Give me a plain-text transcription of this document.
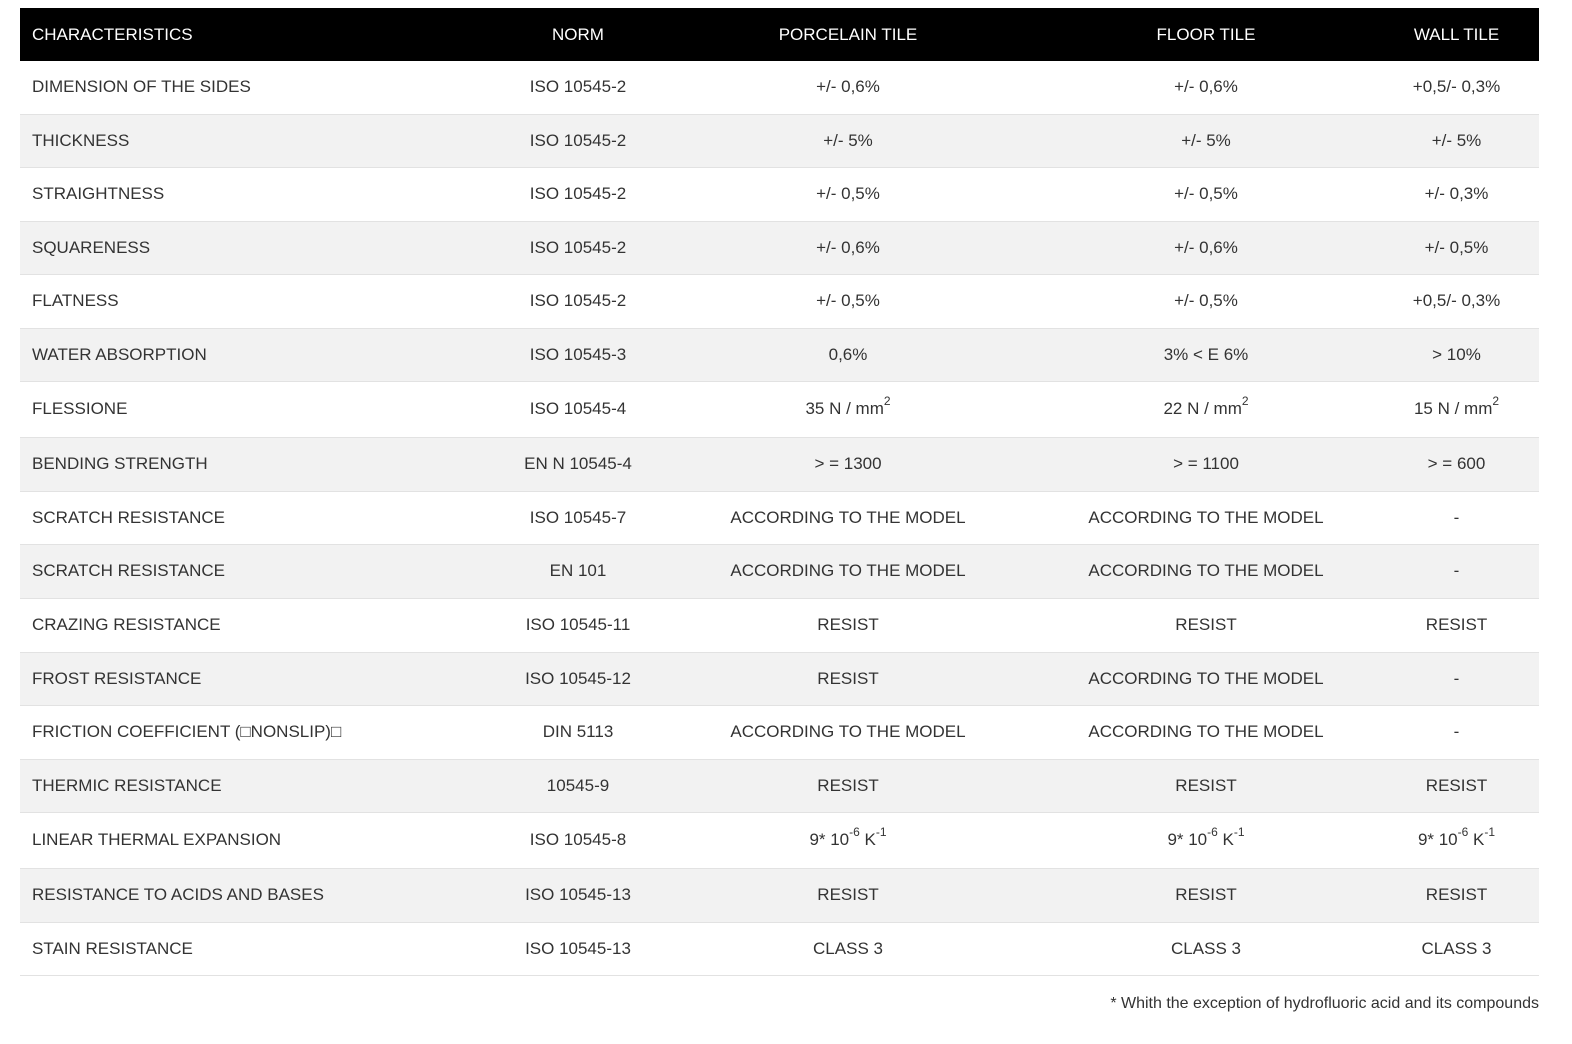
CHARACTERISTICS	NORM	PORCELAIN TILE	FLOOR TILE	WALL TILE
DIMENSION OF THE SIDES	ISO 10545-2	+/- 0,6%	+/- 0,6%	+0,5/- 0,3%
THICKNESS	ISO 10545-2	+/- 5%	+/- 5%	+/- 5%
STRAIGHTNESS	ISO 10545-2	+/- 0,5%	+/- 0,5%	+/- 0,3%
SQUARENESS	ISO 10545-2	+/- 0,6%	+/- 0,6%	+/- 0,5%
FLATNESS	ISO 10545-2	+/- 0,5%	+/- 0,5%	+0,5/- 0,3%
WATER ABSORPTION	ISO 10545-3	0,6%	3% < E 6%	> 10%
FLESSIONE	ISO 10545-4	35 N / $mm^2$	22 N / $mm^2$	15 N / $mm^2$
BENDING STRENGTH	EN N 10545-4	> = 1300	> = 1100	> = 600
SCRATCH RESISTANCE	ISO 10545-7	ACCORDING TO THE MODEL	ACCORDING TO THE MODEL	-
SCRATCH RESISTANCE	EN 101	ACCORDING TO THE MODEL	ACCORDING TO THE MODEL	-
CRAZING RESISTANCE	ISO 10545-11	RESIST	RESIST	RESIST
FROST RESISTANCE	ISO 10545-12	RESIST	ACCORDING TO THE MODEL	-
FRICTION COEFFICIENT (□NONSLIP)□	DIN 5113	ACCORDING TO THE MODEL	ACCORDING TO THE MODEL	-
THERMIC RESISTANCE	10545-9	RESIST	RESIST	RESIST
LINEAR THERMAL EXPANSION	ISO 10545-8	9* $10^{-6}$ $K^{-1}$	9* $10^{-6}$ $K^{-1}$	9* $10^{-6}$ $K^{-1}$
RESISTANCE TO ACIDS AND BASES	ISO 10545-13	RESIST	RESIST	RESIST
STAIN RESISTANCE	ISO 10545-13	CLASS 3	CLASS 3	CLASS 3
* Whith the exception of hydrofluoric acid and its compounds
